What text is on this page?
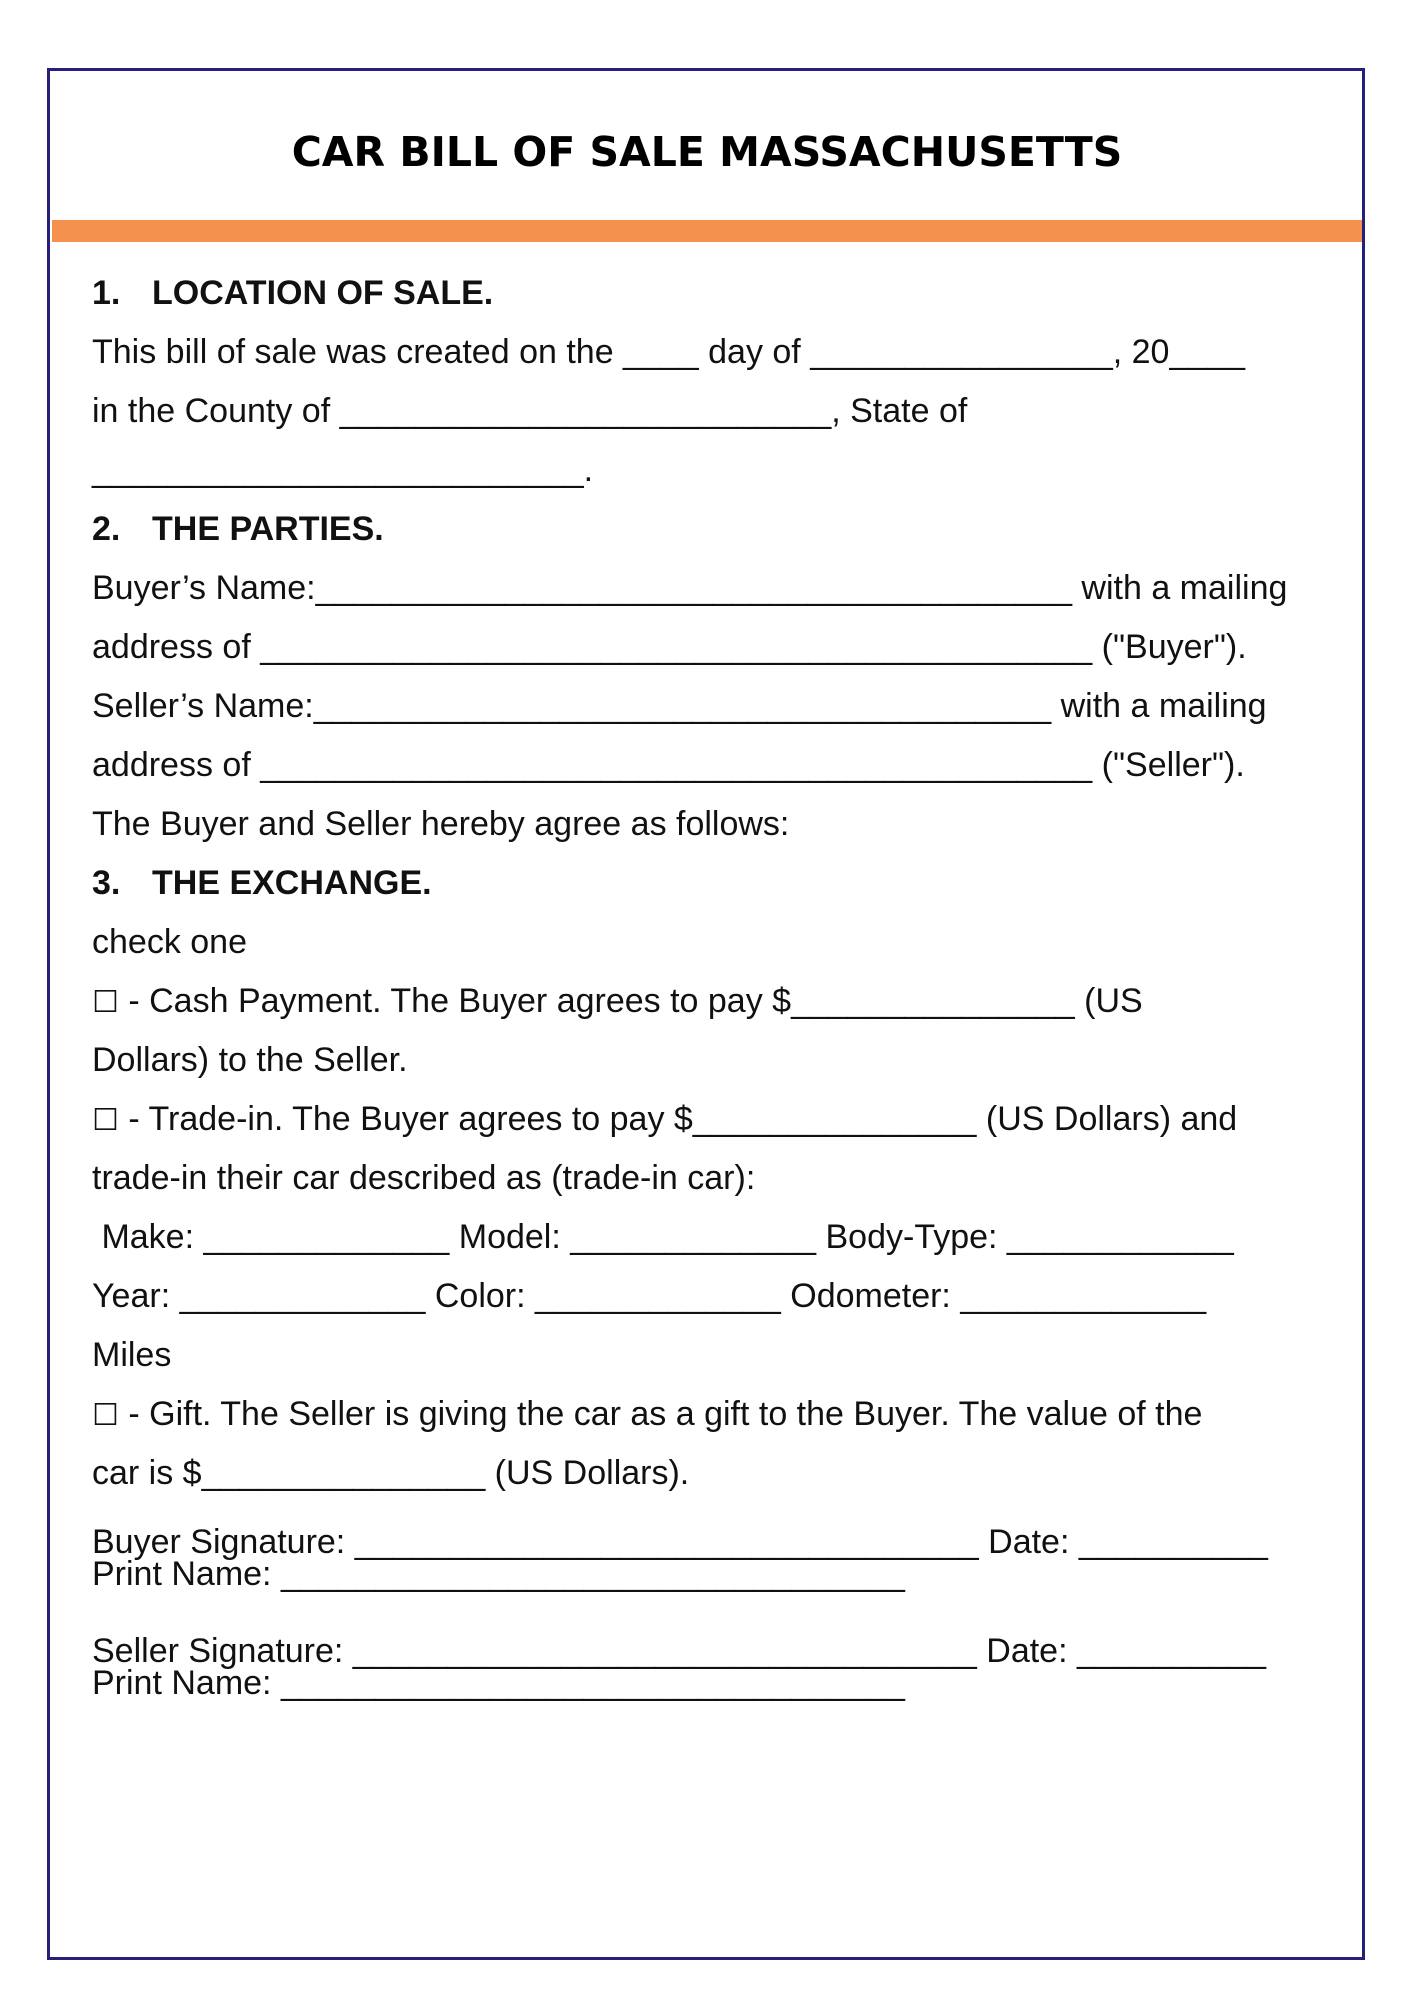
CAR BILL OF SALE MASSACHUSETTS
1. LOCATION OF SALE.
This bill of sale was created on the ____ day of ________________, 20____
in the County of __________________________, State of
__________________________.
2. THE PARTIES.
Buyer’s Name:________________________________________ with a mailing
address of ____________________________________________ ("Buyer").
Seller’s Name:_______________________________________ with a mailing
address of ____________________________________________ ("Seller").
The Buyer and Seller hereby agree as follows:
3. THE EXCHANGE.
check one
☐ - Cash Payment. The Buyer agrees to pay $_______________ (US
Dollars) to the Seller.
☐ - Trade-in. The Buyer agrees to pay $_______________ (US Dollars) and
trade-in their car described as (trade-in car):
Make: _____________ Model: _____________ Body-Type: ____________
Year: _____________ Color: _____________ Odometer: _____________
Miles
☐ - Gift. The Seller is giving the car as a gift to the Buyer. The value of the
car is $_______________ (US Dollars).
Buyer Signature: _________________________________ Date: __________
Print Name: _________________________________
Seller Signature: _________________________________ Date: __________
Print Name: _________________________________
